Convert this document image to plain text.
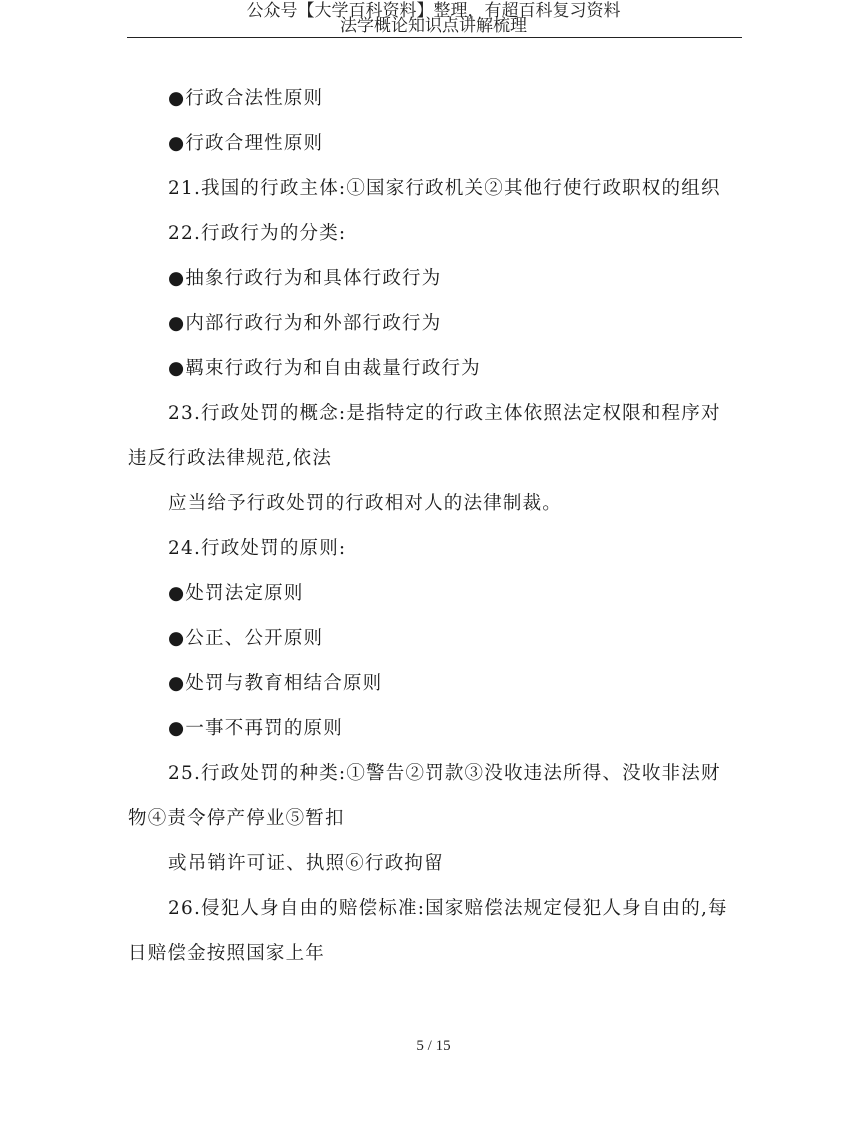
公众号【大学百科资料】整理，有超百科复习资料
法学概论知识点讲解梳理
●行政合法性原则
●行政合理性原则
21.我国的行政主体:①国家行政机关②其他行使行政职权的组织
22.行政行为的分类:
●抽象行政行为和具体行政行为
●内部行政行为和外部行政行为
●羁束行政行为和自由裁量行政行为
23.行政处罚的概念:是指特定的行政主体依照法定权限和程序对
违反行政法律规范,依法
应当给予行政处罚的行政相对人的法律制裁。
24.行政处罚的原则:
●处罚法定原则
●公正、公开原则
●处罚与教育相结合原则
●一事不再罚的原则
25.行政处罚的种类:①警告②罚款③没收违法所得、没收非法财
物④责令停产停业⑤暂扣
或吊销许可证、执照⑥行政拘留
26.侵犯人身自由的赔偿标准:国家赔偿法规定侵犯人身自由的,每
日赔偿金按照国家上年
5 / 15
